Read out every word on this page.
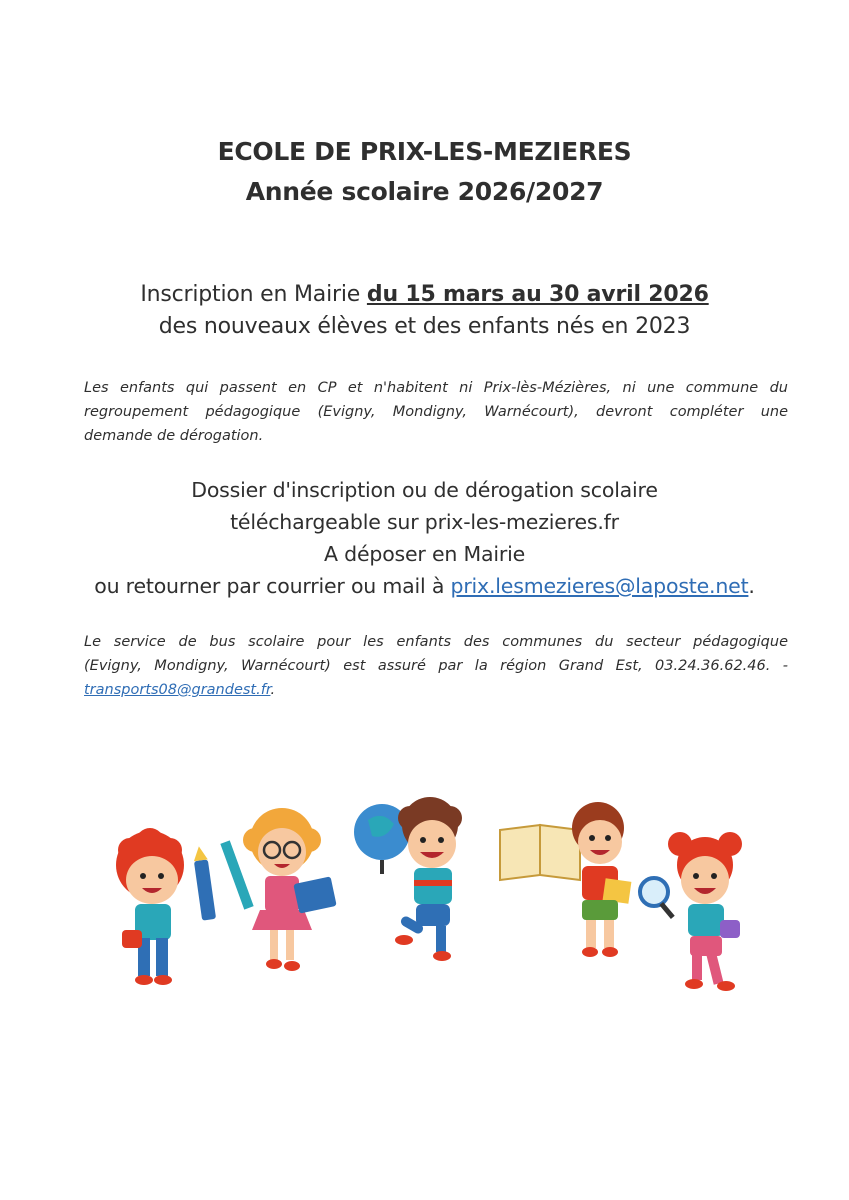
ECOLE DE PRIX-LES-MEZIERES
Année scolaire 2026/2027
Inscription en Mairie du 15 mars au 30 avril 2026
des nouveaux élèves et des enfants nés en 2023
Les enfants qui passent en CP et n'habitent ni Prix-lès-Mézières, ni une commune du
regroupement pédagogique (Evigny, Mondigny, Warnécourt), devront compléter une
demande de dérogation.
Dossier d'inscription ou de dérogation scolaire
téléchargeable sur prix-les-mezieres.fr
A déposer en Mairie
ou retourner par courrier ou mail à prix.lesmezieres@laposte.net.
Le service de bus scolaire pour les enfants des communes du secteur pédagogique
(Evigny, Mondigny, Warnécourt) est assuré par la région Grand Est, 03.24.36.62.46. -
transports08@grandest.fr.
